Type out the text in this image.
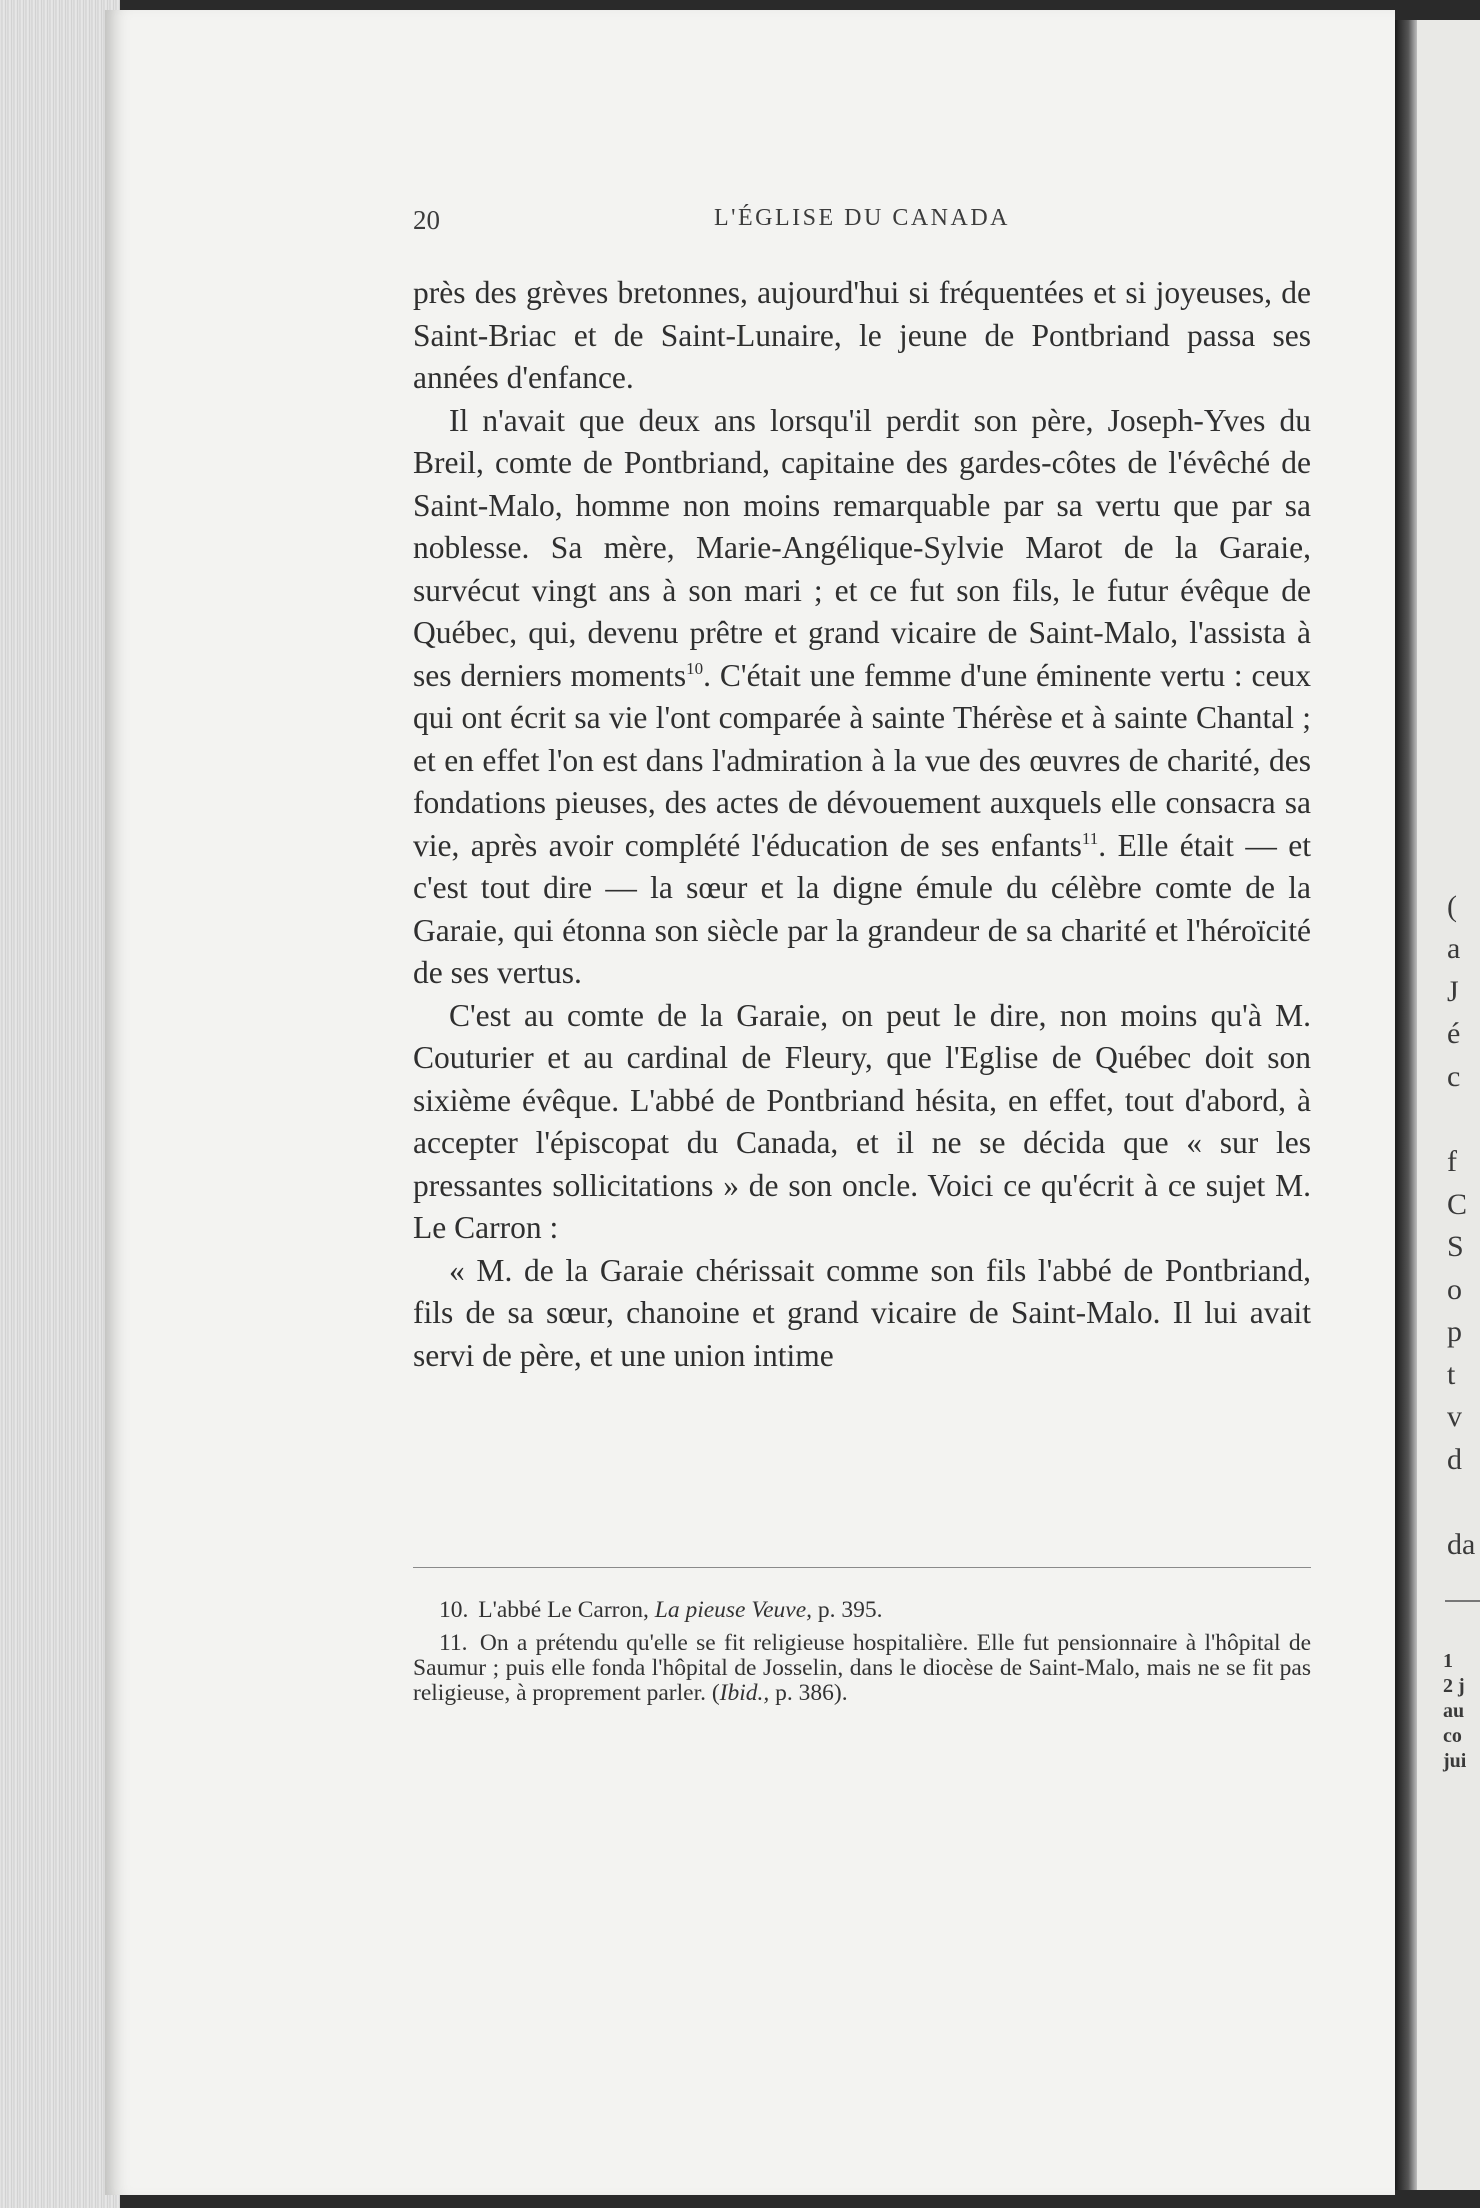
(
a
J
é
c
f
C
S
o
p
t
v
d
da
1
2 j
au
co
jui
20	L'ÉGLISE DU CANADA

près des grèves bretonnes, aujourd'hui si fréquentées et si joyeuses, de Saint-Briac et de Saint-Lunaire, le jeune de Pontbriand passa ses années d'enfance.

Il n'avait que deux ans lorsqu'il perdit son père, Joseph-Yves du Breil, comte de Pontbriand, capitaine des gardes-côtes de l'évêché de Saint-Malo, homme non moins remarquable par sa vertu que par sa noblesse. Sa mère, Marie-Angélique-Sylvie Marot de la Garaie, survécut vingt ans à son mari ; et ce fut son fils, le futur évêque de Québec, qui, devenu prêtre et grand vicaire de Saint-Malo, l'assista à ses derniers moments$^{10}$. C'était une femme d'une éminente vertu : ceux qui ont écrit sa vie l'ont comparée à sainte Thérèse et à sainte Chantal ; et en effet l'on est dans l'admiration à la vue des œuvres de charité, des fondations pieuses, des actes de dévouement auxquels elle consacra sa vie, après avoir complété l'éducation de ses enfants$^{11}$. Elle était — et c'est tout dire — la sœur et la digne émule du célèbre comte de la Garaie, qui étonna son siècle par la grandeur de sa charité et l'héroïcité de ses vertus.

C'est au comte de la Garaie, on peut le dire, non moins qu'à M. Couturier et au cardinal de Fleury, que l'Eglise de Québec doit son sixième évêque. L'abbé de Pontbriand hésita, en effet, tout d'abord, à accepter l'épiscopat du Canada, et il ne se décida que « sur les pressantes sollicitations » de son oncle. Voici ce qu'écrit à ce sujet M. Le Carron :

« M. de la Garaie chérissait comme son fils l'abbé de Pontbriand, fils de sa sœur, chanoine et grand vicaire de Saint-Malo. Il lui avait servi de père, et une union intime

10. L'abbé Le Carron, La pieuse Veuve, p. 395.

11. On a prétendu qu'elle se fit religieuse hospitalière. Elle fut pensionnaire à l'hôpital de Saumur ; puis elle fonda l'hôpital de Josselin, dans le diocèse de Saint-Malo, mais ne se fit pas religieuse, à proprement parler. (Ibid., p. 386).
